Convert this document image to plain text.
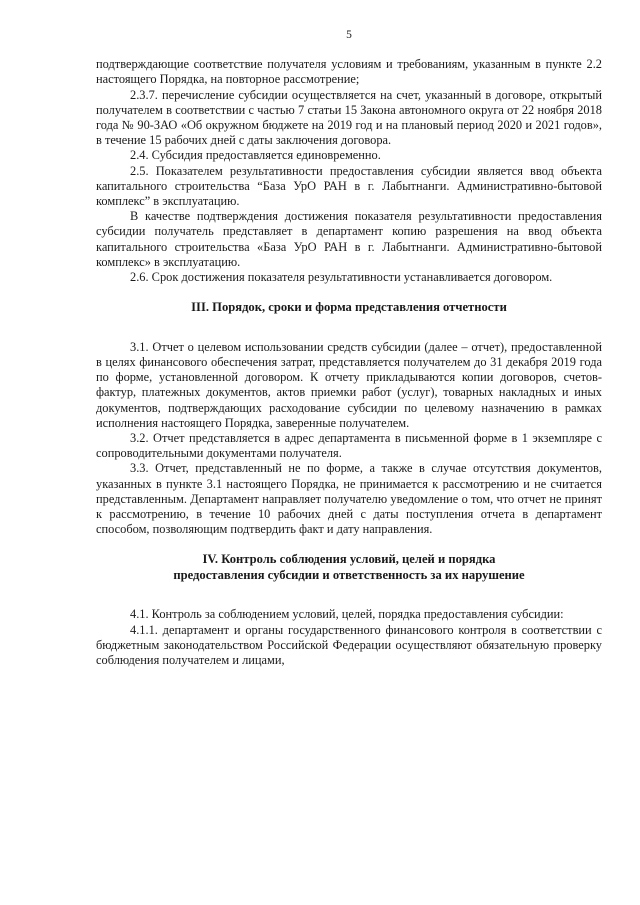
5

подтверждающие соответствие получателя условиям и требованиям, указанным в пункте 2.2 настоящего Порядка, на повторное рассмотрение;

2.3.7. перечисление субсидии осуществляется на счет, указанный в договоре, открытый получателем в соответствии с частью 7 статьи 15 Закона автономного округа от 22 ноября 2018 года № 90-ЗАО «Об окружном бюджете на 2019 год и на плановый период 2020 и 2021 годов», в течение 15 рабочих дней с даты заключения договора.

2.4. Субсидия предоставляется единовременно.

2.5. Показателем результативности предоставления субсидии является ввод объекта капитального строительства “База УрО РАН в г. Лабытнанги. Административно-бытовой комплекс” в эксплуатацию.

В качестве подтверждения достижения показателя результативности предоставления субсидии получатель представляет в департамент копию разрешения на ввод объекта капитального строительства «База УрО РАН в г. Лабытнанги. Административно-бытовой комплекс» в эксплуатацию.

2.6. Срок достижения показателя результативности устанавливается договором.

III. Порядок, сроки и форма представления отчетности

3.1. Отчет о целевом использовании средств субсидии (далее – отчет), предоставленной в целях финансового обеспечения затрат, представляется получателем до 31 декабря 2019 года по форме, установленной договором. К отчету прикладываются копии договоров, счетов-фактур, платежных документов, актов приемки работ (услуг), товарных накладных и иных документов, подтверждающих расходование субсидии по целевому назначению в рамках исполнения настоящего Порядка, заверенные получателем.

3.2. Отчет представляется в адрес департамента в письменной форме в 1 экземпляре с сопроводительными документами получателя.

3.3. Отчет, представленный не по форме, а также в случае отсутствия документов, указанных в пункте 3.1 настоящего Порядка, не принимается к рассмотрению и не считается представленным. Департамент направляет получателю уведомление о том, что отчет не принят к рассмотрению, в течение 10 рабочих дней с даты поступления отчета в департамент способом, позволяющим подтвердить факт и дату направления.

IV. Контроль соблюдения условий, целей и порядка
предоставления субсидии и ответственность за их нарушение

4.1. Контроль за соблюдением условий, целей, порядка предоставления субсидии:

4.1.1. департамент и органы государственного финансового контроля в соответствии с бюджетным законодательством Российской Федерации осуществляют обязательную проверку соблюдения получателем и лицами,
